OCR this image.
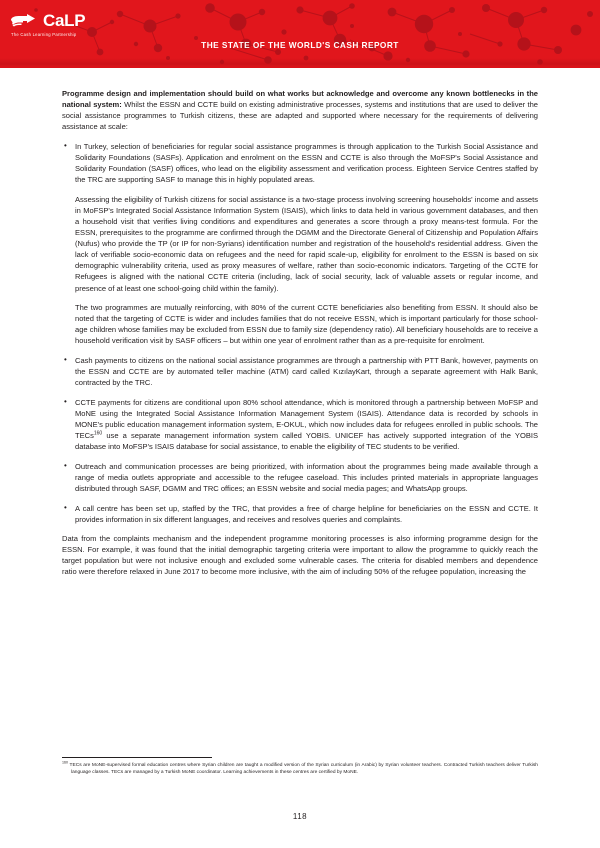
CaLP
The Cash Learning Partnership
THE STATE OF THE WORLD'S CASH REPORT

Programme design and implementation should build on what works but acknowledge and overcome any known bottlenecks in the national system: Whilst the ESSN and CCTE build on existing administrative processes, systems and institutions that are used to deliver the social assistance programmes to Turkish citizens, these are adapted and supported where necessary for the requirements of delivering assistance at scale:

• In Turkey, selection of beneficiaries for regular social assistance programmes is through application to the Turkish Social Assistance and Solidarity Foundations (SASFs). Application and enrolment on the ESSN and CCTE is also through the MoFSP's Social Assistance and Solidarity Foundation (SASF) offices, who lead on the eligibility assessment and verification process. Eighteen Service Centres staffed by the TRC are supporting SASF to manage this in highly populated areas.
Assessing the eligibility of Turkish citizens for social assistance is a two-stage process involving screening households' income and assets in MoFSP's Integrated Social Assistance Information System (ISAIS), which links to data held in various government databases, and then a household visit that verifies living conditions and expenditures and generates a score through a proxy means-test formula. For the ESSN, prerequisites to the programme are confirmed through the DGMM and the Directorate General of Citizenship and Population Affairs (Nufus) who provide the TP (or IP for non-Syrians) identification number and registration of the household's residential address. Given the lack of verifiable socio-economic data on refugees and the need for rapid scale-up, eligibility for enrolment to the ESSN is based on six demographic vulnerability criteria, used as proxy measures of welfare, rather than socio-economic indicators. Targeting of the CCTE for Refugees is aligned with the national CCTE criteria (including, lack of social security, lack of valuable assets or regular income, and presence of at least one school-going child within the family).
The two programmes are mutually reinforcing, with 80% of the current CCTE beneficiaries also benefiting from ESSN. It should also be noted that the targeting of CCTE is wider and includes families that do not receive ESSN, which is important particularly for those school-age children whose families may be excluded from ESSN due to family size (dependency ratio). All beneficiary households are to receive a household verification visit by SASF officers – but within one year of enrolment rather than as a pre-requisite for enrolment.
• Cash payments to citizens on the national social assistance programmes are through a partnership with PTT Bank, however, payments on the ESSN and CCTE are by automated teller machine (ATM) card called KızılayKart, through a separate agreement with Halk Bank, contracted by the TRC.
• CCTE payments for citizens are conditional upon 80% school attendance, which is monitored through a partnership between MoFSP and MoNE using the Integrated Social Assistance Information Management System (ISAIS). Attendance data is recorded by schools in MONE's public education management information system, E-OKUL, which now includes data for refugees enrolled in public schools. The TECs$^{160}$ use a separate management information system called YOBIS. UNICEF has actively supported integration of the YOBIS database into MoFSP's ISAIS database for social assistance, to enable the eligibility of TEC students to be verified.
• Outreach and communication processes are being prioritized, with information about the programmes being made available through a range of media outlets appropriate and accessible to the refugee caseload. This includes printed materials in appropriate languages distributed through SASF, DGMM and TRC offices; an ESSN website and social media pages; and WhatsApp groups.
• A call centre has been set up, staffed by the TRC, that provides a free of charge helpline for beneficiaries on the ESSN and CCTE. It provides information in six different languages, and receives and resolves queries and complaints.

Data from the complaints mechanism and the independent programme monitoring processes is also informing programme design for the ESSN. For example, it was found that the initial demographic targeting criteria were important to allow the programme to quickly reach the target population but were not inclusive enough and excluded some vulnerable cases. The criteria for disabled members and dependence ratio were therefore relaxed in June 2017 to become more inclusive, with the aim of including 50% of the refugee population, increasing the

$^{160}$ TECs are MoNE-supervised formal education centres where Syrian children are taught a modified version of the Syrian curriculum (in Arabic) by Syrian volunteer teachers. Contracted Turkish teachers deliver Turkish language classes. TECs are managed by a Turkish MoNE coordinator. Learning achievements in these centres are certified by MoNE.

118
